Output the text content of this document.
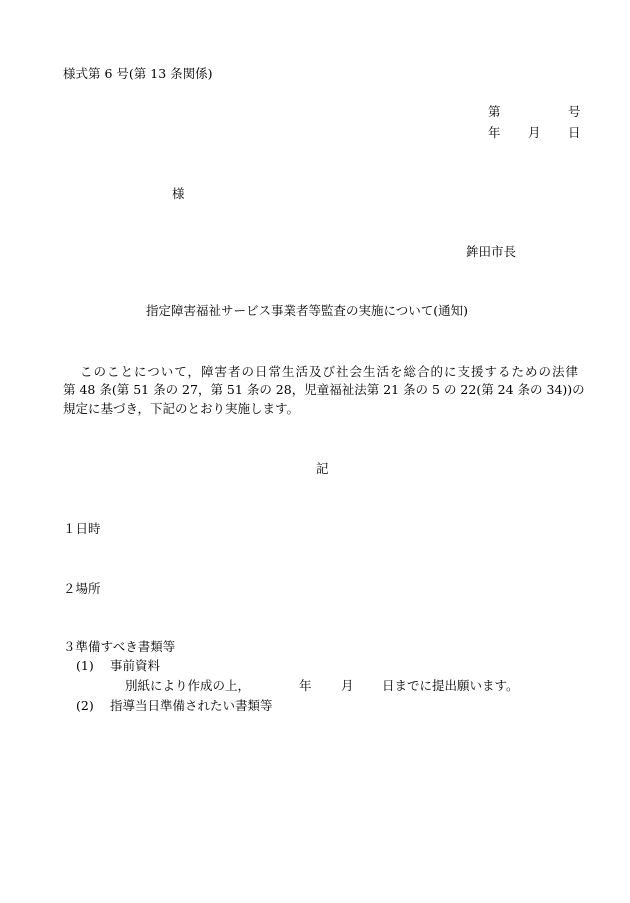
様式第 6 号(第 13 条関係)
第	号
年 月 日
様
鉾田市長
指定障害福祉サービス事業者等監査の実施について(通知)
このことについて，障害者の日常生活及び社会生活を総合的に支援するための法律
第 48 条(第 51 条の 27，第 51 条の 28，児童福祉法第 21 条の 5 の 22(第 24 条の 34))の
規定に基づき，下記のとおり実施します。
記
１日時
２場所
３準備すべき書類等
(1) 事前資料
別紙により作成の上，	年 月 日までに提出願います。
(2) 指導当日準備されたい書類等
